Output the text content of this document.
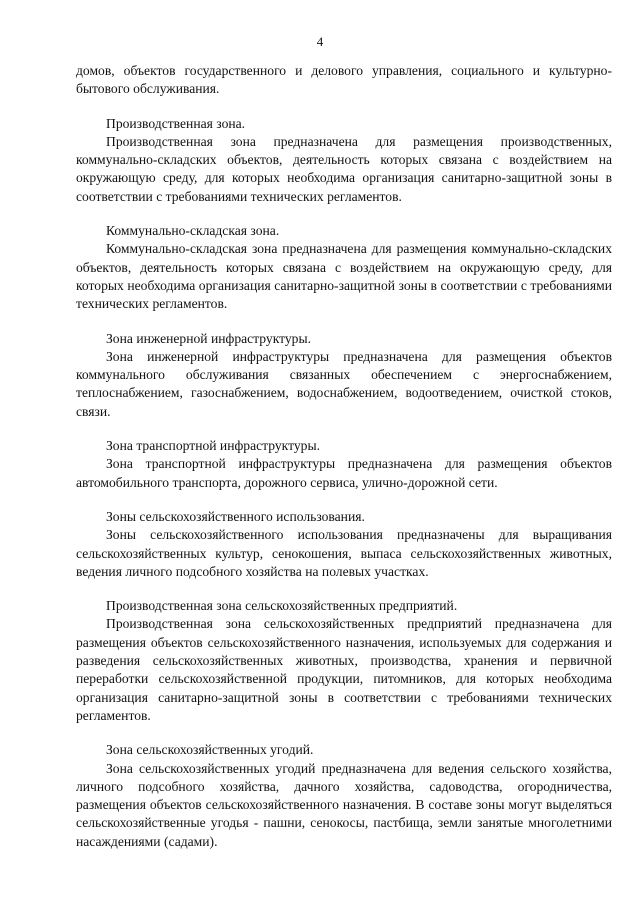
4

домов, объектов государственного и делового управления, социального и культурно-бытового обслуживания.

Производственная зона.

Производственная зона предназначена для размещения производственных, коммунально-складских объектов, деятельность которых связана с воздействием на окружающую среду, для которых необходима организация санитарно-защитной зоны в соответствии с требованиями технических регламентов.

Коммунально-складская зона.

Коммунально-складская зона предназначена для размещения коммунально-складских объектов, деятельность которых связана с воздействием на окружающую среду, для которых необходима организация санитарно-защитной зоны в соответствии с требованиями технических регламентов.

Зона инженерной инфраструктуры.

Зона инженерной инфраструктуры предназначена для размещения объектов коммунального обслуживания связанных обеспечением с энергоснабжением, теплоснабжением, газоснабжением, водоснабжением, водоотведением, очисткой стоков, связи.

Зона транспортной инфраструктуры.

Зона транспортной инфраструктуры предназначена для размещения объектов автомобильного транспорта, дорожного сервиса, улично-дорожной сети.

Зоны сельскохозяйственного использования.

Зоны сельскохозяйственного использования предназначены для выращивания сельскохозяйственных культур, сенокошения, выпаса сельскохозяйственных животных, ведения личного подсобного хозяйства на полевых участках.

Производственная зона сельскохозяйственных предприятий.

Производственная зона сельскохозяйственных предприятий предназначена для размещения объектов сельскохозяйственного назначения, используемых для содержания и разведения сельскохозяйственных животных, производства, хранения и первичной переработки сельскохозяйственной продукции, питомников, для которых необходима организация санитарно-защитной зоны в соответствии с требованиями технических регламентов.

Зона сельскохозяйственных угодий.

Зона сельскохозяйственных угодий предназначена для ведения сельского хозяйства, личного подсобного хозяйства, дачного хозяйства, садоводства, огородничества, размещения объектов сельскохозяйственного назначения. В составе зоны могут выделяться сельскохозяйственные угодья - пашни, сенокосы, пастбища, земли занятые многолетними насаждениями (садами).
